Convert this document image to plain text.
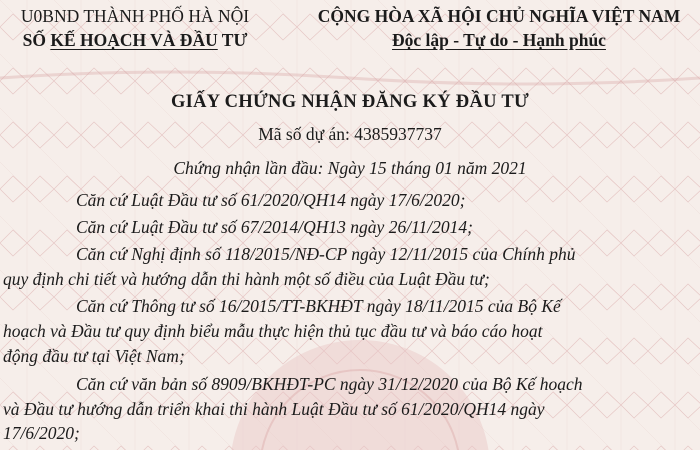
U0BND THÀNH PHỐ HÀ NỘI
SỐ KẾ HOẠCH VÀ ĐẦU TƯ
CỘNG HÒA XÃ HỘI CHỦ NGHĨA VIỆT NAM
Độc lập - Tự do - Hạnh phúc
GIẤY CHỨNG NHẬN ĐĂNG KÝ ĐẦU TƯ
Mã số dự án: 4385937737
Chứng nhận lần đầu: Ngày 15 tháng 01 năm 2021
Căn cứ Luật Đầu tư số 61/2020/QH14 ngày 17/6/2020;
Căn cứ Luật Đầu tư số 67/2014/QH13 ngày 26/11/2014;
Căn cứ Nghị định số 118/2015/NĐ-CP ngày 12/11/2015 của Chính phủ
quy định chi tiết và hướng dẫn thi hành một số điều của Luật Đầu tư;
Căn cứ Thông tư số 16/2015/TT-BKHĐT ngày 18/11/2015 của Bộ Kế
hoạch và Đầu tư quy định biểu mẫu thực hiện thủ tục đầu tư và báo cáo hoạt
động đầu tư tại Việt Nam;
Căn cứ văn bản số 8909/BKHĐT-PC ngày 31/12/2020 của Bộ Kế hoạch
và Đầu tư hướng dẫn triển khai thi hành Luật Đầu tư số 61/2020/QH14 ngày
17/6/2020;
